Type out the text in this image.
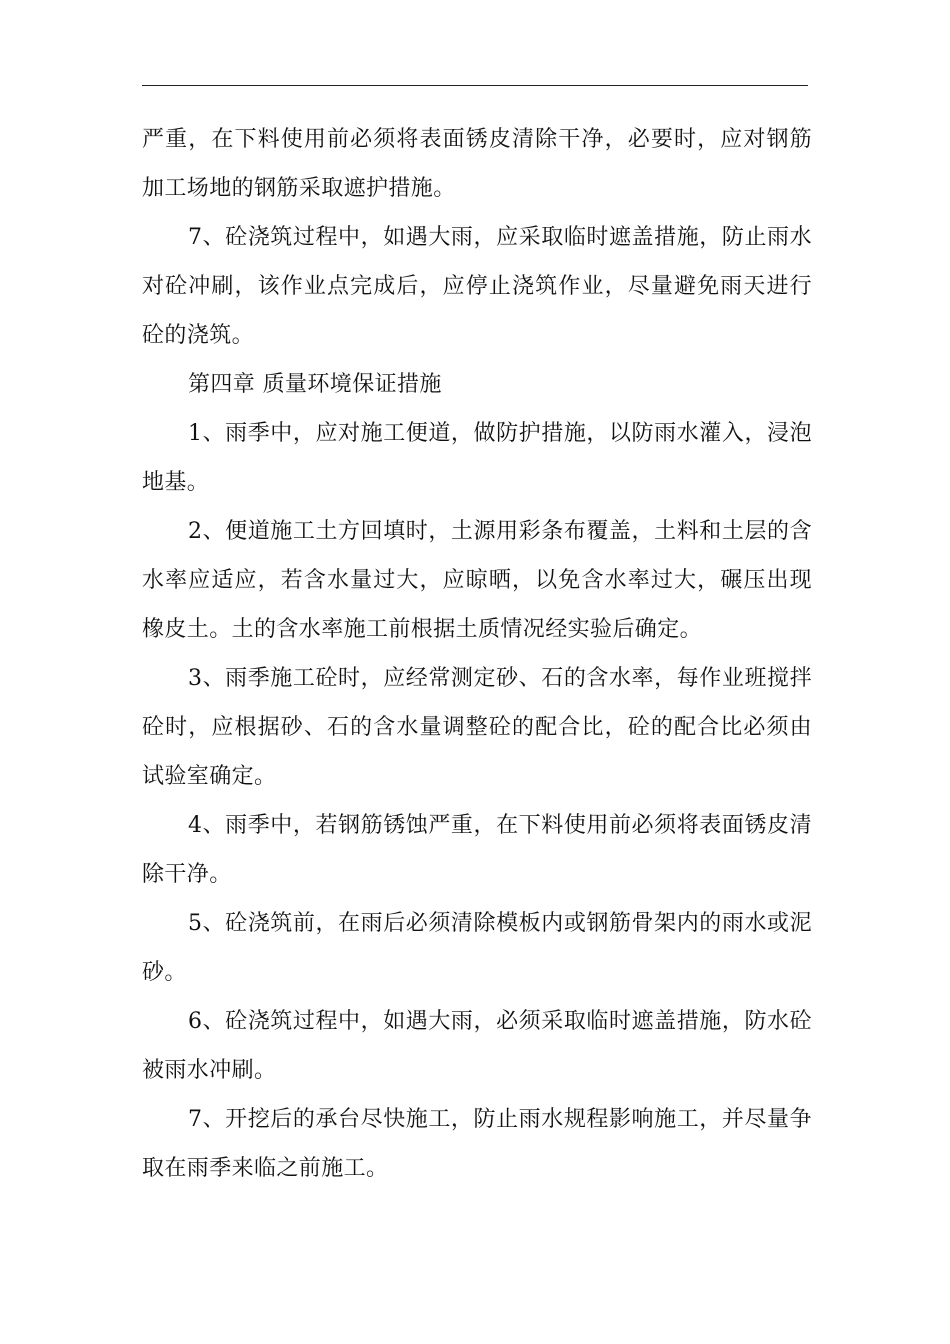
严重，在下料使用前必须将表面锈皮清除干净，必要时，应对钢筋加工场地的钢筋采取遮护措施。

7、砼浇筑过程中，如遇大雨，应采取临时遮盖措施，防止雨水对砼冲刷，该作业点完成后，应停止浇筑作业，尽量避免雨天进行砼的浇筑。

第四章 质量环境保证措施

1、雨季中，应对施工便道，做防护措施，以防雨水灌入，浸泡地基。

2、便道施工土方回填时，土源用彩条布覆盖，土料和土层的含水率应适应，若含水量过大，应晾晒，以免含水率过大，碾压出现橡皮土。土的含水率施工前根据土质情况经实验后确定。

3、雨季施工砼时，应经常测定砂、石的含水率，每作业班搅拌砼时，应根据砂、石的含水量调整砼的配合比，砼的配合比必须由试验室确定。

4、雨季中，若钢筋锈蚀严重，在下料使用前必须将表面锈皮清除干净。

5、砼浇筑前，在雨后必须清除模板内或钢筋骨架内的雨水或泥砂。

6、砼浇筑过程中，如遇大雨，必须采取临时遮盖措施，防水砼被雨水冲刷。

7、开挖后的承台尽快施工，防止雨水规程影响施工，并尽量争取在雨季来临之前施工。
